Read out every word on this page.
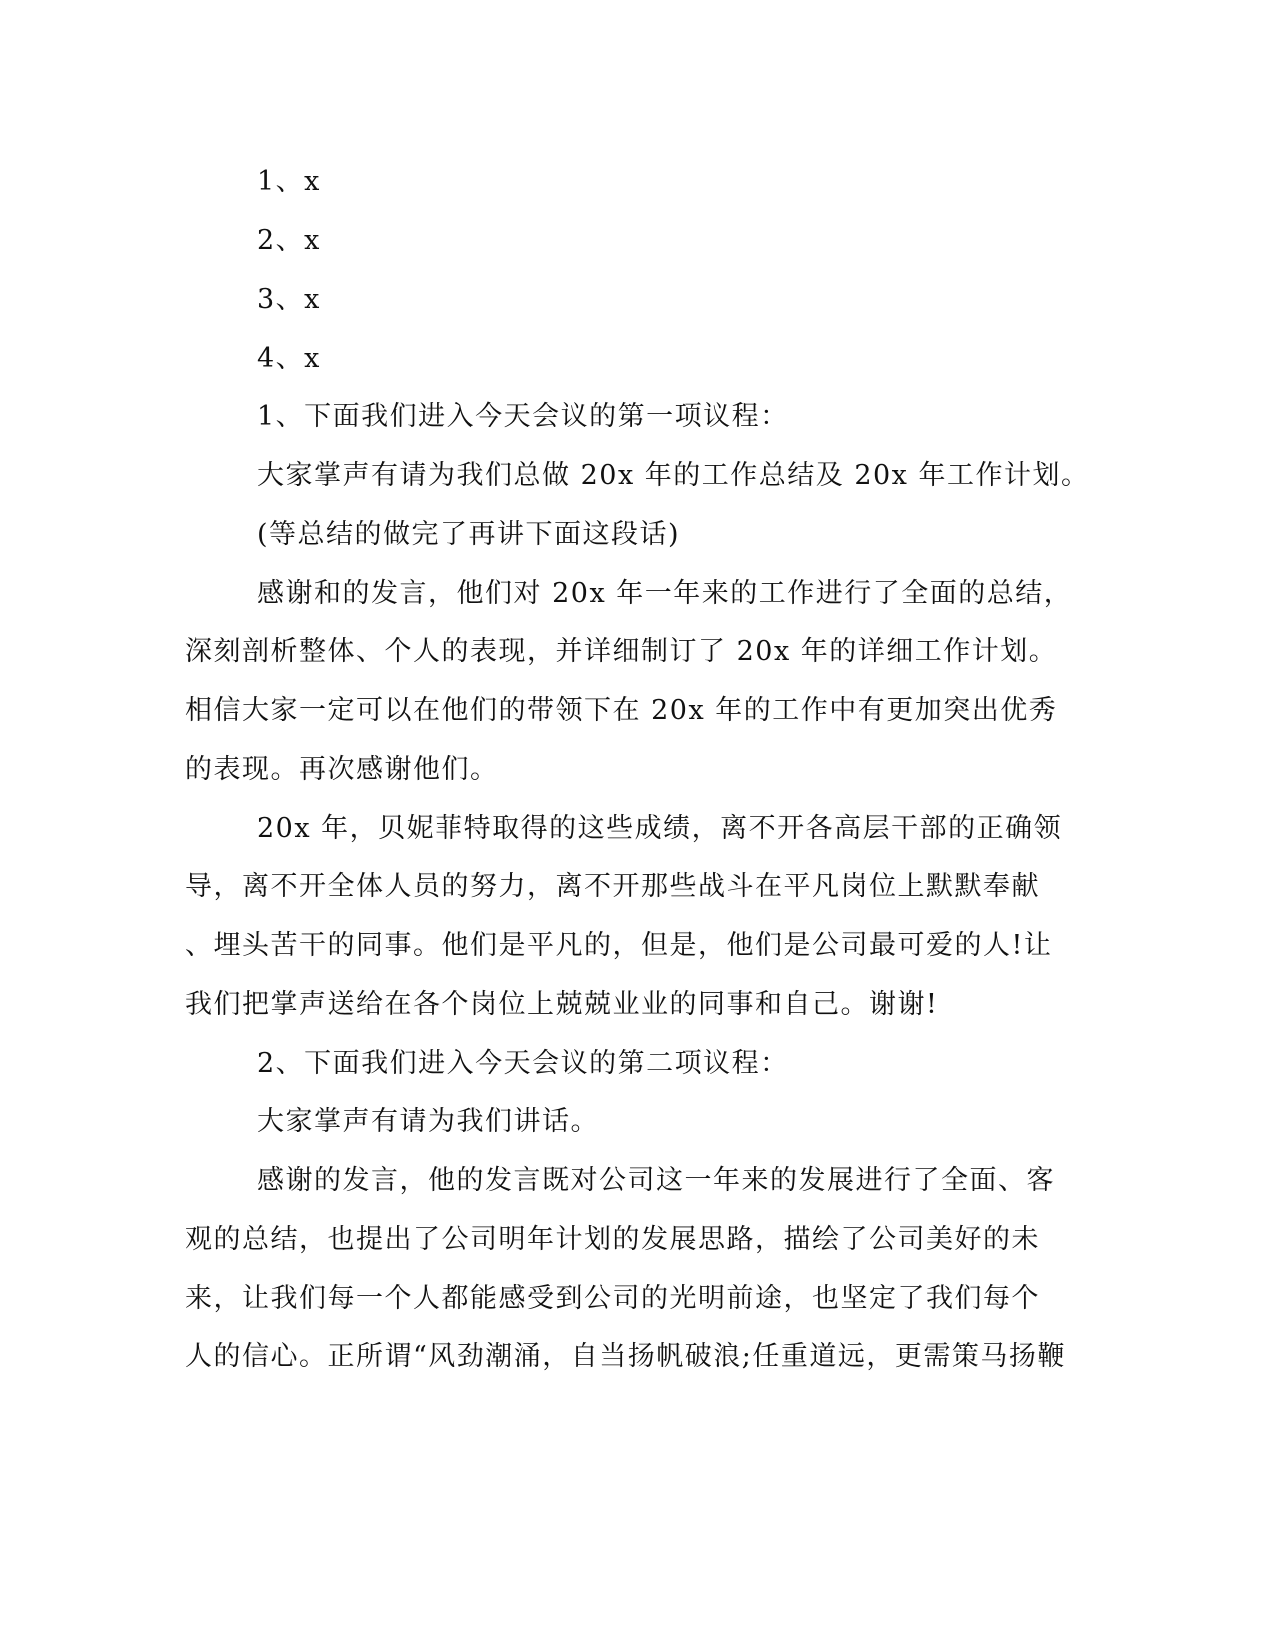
1、x
2、x
3、x
4、x
1、下面我们进入今天会议的第一项议程：
大家掌声有请为我们总做 20x 年的工作总结及 20x 年工作计划。
(等总结的做完了再讲下面这段话)
感谢和的发言，他们对 20x 年一年来的工作进行了全面的总结，
深刻剖析整体、个人的表现，并详细制订了 20x 年的详细工作计划。
相信大家一定可以在他们的带领下在 20x 年的工作中有更加突出优秀
的表现。再次感谢他们。
20x 年，贝妮菲特取得的这些成绩，离不开各高层干部的正确领
导，离不开全体人员的努力，离不开那些战斗在平凡岗位上默默奉献
、埋头苦干的同事。他们是平凡的，但是，他们是公司最可爱的人!让
我们把掌声送给在各个岗位上兢兢业业的同事和自己。谢谢!
2、下面我们进入今天会议的第二项议程：
大家掌声有请为我们讲话。
感谢的发言，他的发言既对公司这一年来的发展进行了全面、客
观的总结，也提出了公司明年计划的发展思路，描绘了公司美好的未
来，让我们每一个人都能感受到公司的光明前途，也坚定了我们每个
人的信心。正所谓“风劲潮涌，自当扬帆破浪;任重道远，更需策马扬鞭
